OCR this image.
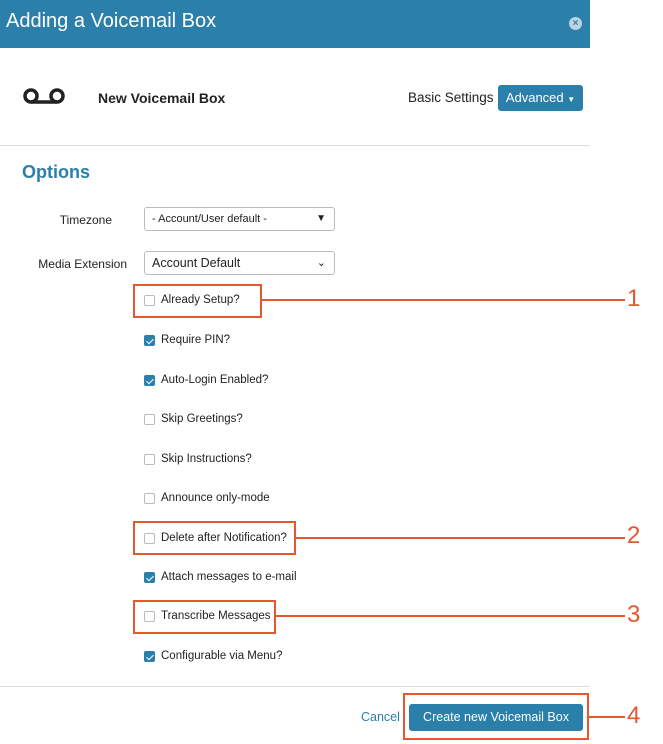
Adding a Voicemail Box	×
New Voicemail Box	Basic Settings Advanced ▼
Options
Timezone	- Account/User default -	▼
Media Extension	Account Default	⌄
Already Setup?
Require PIN?
Auto-Login Enabled?
Skip Greetings?
Skip Instructions?
Announce only-mode
Delete after Notification?
Attach messages to e-mail
Transcribe Messages
Configurable via Menu?
1
2
3
Cancel	Create new Voicemail Box	4
